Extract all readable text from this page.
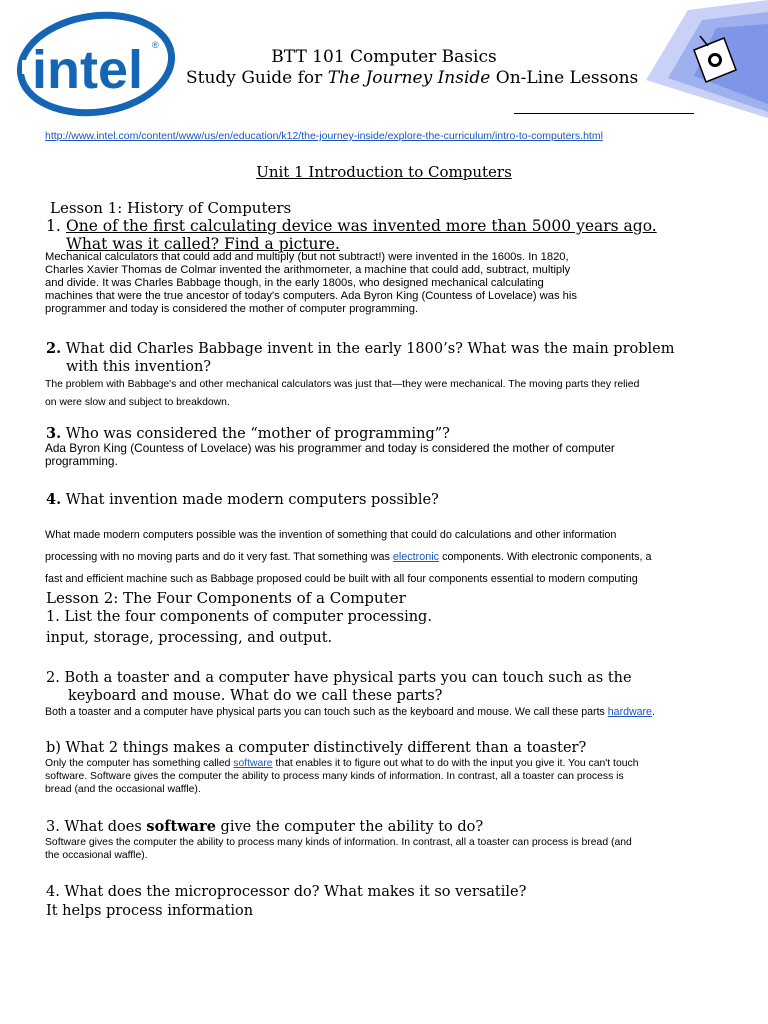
intel ®
BTT 101 Computer Basics
Study Guide for The Journey Inside On-Line Lessons
http://www.intel.com/content/www/us/en/education/k12/the-journey-inside/explore-the-curriculum/intro-to-computers.html
Unit 1 Introduction to Computers
Lesson 1: History of Computers
1. One of the first calculating device was invented more than 5000 years ago.
What was it called? Find a picture.
Mechanical calculators that could add and multiply (but not subtract!) were invented in the 1600s. In 1820,
Charles Xavier Thomas de Colmar invented the arithmometer, a machine that could add, subtract, multiply
and divide. It was Charles Babbage though, in the early 1800s, who designed mechanical calculating
machines that were the true ancestor of today's computers. Ada Byron King (Countess of Lovelace) was his
programmer and today is considered the mother of computer programming.
2. What did Charles Babbage invent in the early 1800’s? What was the main problem
with this invention?
The problem with Babbage's and other mechanical calculators was just that—they were mechanical. The moving parts they relied
on were slow and subject to breakdown.
3. Who was considered the “mother of programming”?
Ada Byron King (Countess of Lovelace) was his programmer and today is considered the mother of computer
programming.
4. What invention made modern computers possible?
What made modern computers possible was the invention of something that could do calculations and other information
processing with no moving parts and do it very fast. That something was electronic components. With electronic components, a
fast and efficient machine such as Babbage proposed could be built with all four components essential to modern computing
Lesson 2: The Four Components of a Computer
1. List the four components of computer processing.
input, storage, processing, and output.
2. Both a toaster and a computer have physical parts you can touch such as the
keyboard and mouse. What do we call these parts?
Both a toaster and a computer have physical parts you can touch such as the keyboard and mouse. We call these parts hardware.
b) What 2 things makes a computer distinctively different than a toaster?
Only the computer has something called software that enables it to figure out what to do with the input you give it. You can't touch
software. Software gives the computer the ability to process many kinds of information. In contrast, all a toaster can process is
bread (and the occasional waffle).
3. What does software give the computer the ability to do?
Software gives the computer the ability to process many kinds of information. In contrast, all a toaster can process is bread (and
the occasional waffle).
4. What does the microprocessor do? What makes it so versatile?
It helps process information
